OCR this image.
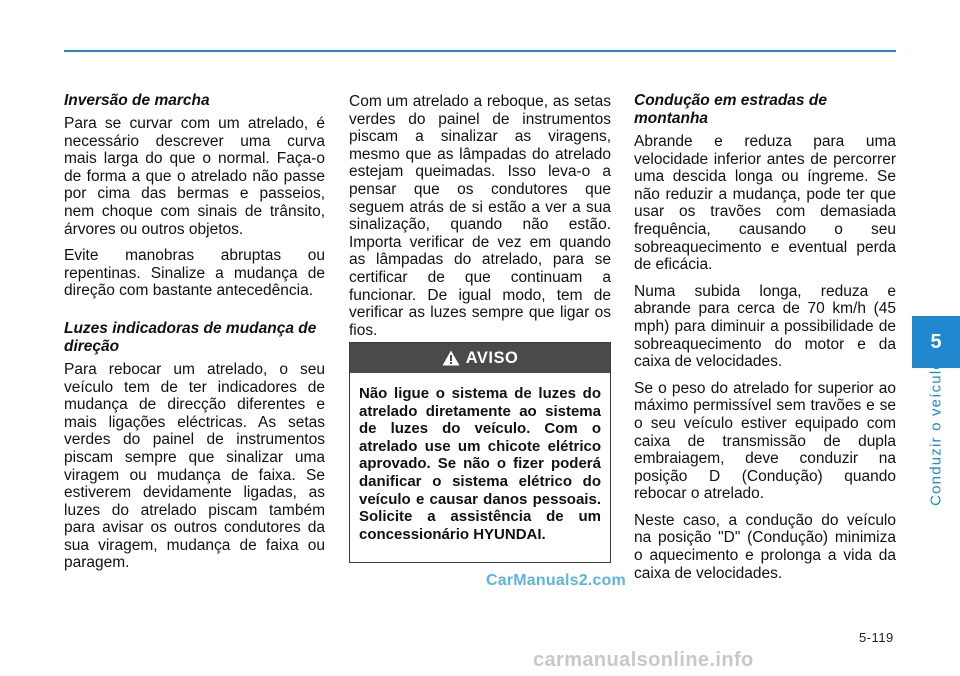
Inversão de marcha

Para se curvar com um atrelado, é necessário descrever uma curva mais larga do que o normal. Faça-o de forma a que o atrelado não passe por cima das bermas e passeios, nem choque com sinais de trânsito, árvores ou outros objetos.

Evite manobras abruptas ou repentinas. Sinalize a mudança de direção com bastante antecedência.

Luzes indicadoras de mudança de direção

Para rebocar um atrelado, o seu veículo tem de ter indicadores de mudança de direcção diferentes e mais ligações eléctricas. As setas verdes do painel de instrumentos piscam sempre que sinalizar uma viragem ou mudança de faixa. Se estiverem devidamente ligadas, as luzes do atrelado piscam também para avisar os outros condutores da sua viragem, mudança de faixa ou paragem.

Com um atrelado a reboque, as setas verdes do painel de instrumentos piscam a sinalizar as viragens, mesmo que as lâmpadas do atrelado estejam queimadas. Isso leva-o a pensar que os condutores que seguem atrás de si estão a ver a sua sinalização, quando não estão. Importa verificar de vez em quando as lâmpadas do atrelado, para se certificar de que continuam a funcionar. De igual modo, tem de verificar as luzes sempre que ligar os fios.

AVISO
Não ligue o sistema de luzes do atrelado diretamente ao sistema de luzes do veículo. Com o atrelado use um chicote elétrico aprovado. Se não o fizer poderá danificar o sistema elétrico do veículo e causar danos pessoais. Solicite a assistência de um concessionário HYUNDAI.
Condução em estradas de montanha

Abrande e reduza para uma velocidade inferior antes de percorrer uma descida longa ou íngreme. Se não reduzir a mudança, pode ter que usar os travões com demasiada frequência, causando o seu sobreaquecimento e eventual perda de eficácia.

Numa subida longa, reduza e abrande para cerca de 70 km/h (45 mph) para diminuir a possibilidade de sobreaquecimento do motor e da caixa de velocidades.

Se o peso do atrelado for superior ao máximo permissível sem travões e se o seu veículo estiver equipado com caixa de transmissão de dupla embraiagem, deve conduzir na posição D (Condução) quando rebocar o atrelado.

Neste caso, a condução do veículo na posição "D" (Condução) minimiza o aquecimento e prolonga a vida da caixa de velocidades.

5
Conduzir o veículo
5-119
CarManuals2.com
carmanualsonline.info
